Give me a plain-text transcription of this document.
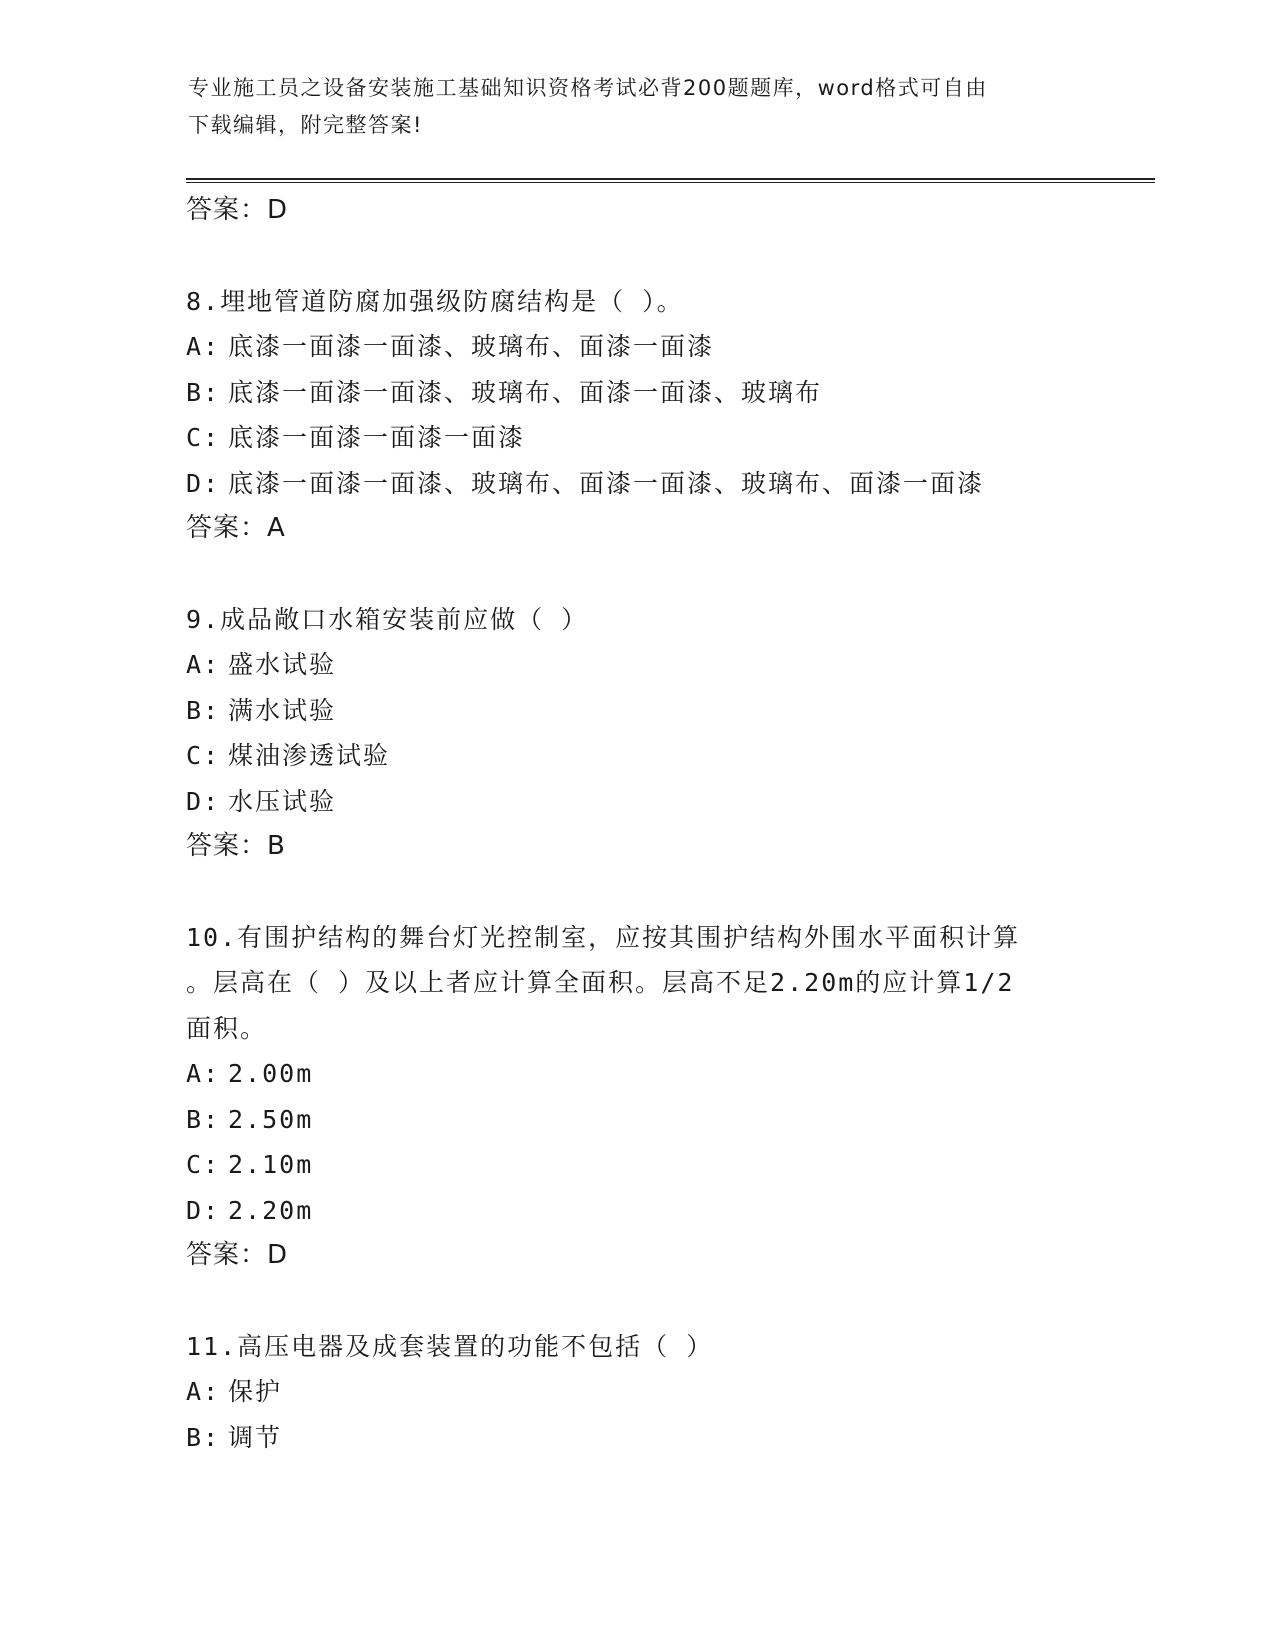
专业施工员之设备安装施工基础知识资格考试必背200题题库，word格式可自由
下载编辑，附完整答案!
答案：D
8.埋地管道防腐加强级防腐结构是（ ）。
A: 底漆一面漆一面漆、玻璃布、面漆一面漆
B: 底漆一面漆一面漆、玻璃布、面漆一面漆、玻璃布
C: 底漆一面漆一面漆一面漆
D: 底漆一面漆一面漆、玻璃布、面漆一面漆、玻璃布、面漆一面漆
答案：A
9.成品敞口水箱安装前应做（ ）
A: 盛水试验
B: 满水试验
C: 煤油渗透试验
D: 水压试验
答案：B
10.有围护结构的舞台灯光控制室，应按其围护结构外围水平面积计算
。层高在（ ）及以上者应计算全面积。层高不足2.20m的应计算1/2
面积。
A: 2.00m
B: 2.50m
C: 2.10m
D: 2.20m
答案：D
11.高压电器及成套装置的功能不包括（ ）
A: 保护
B: 调节
